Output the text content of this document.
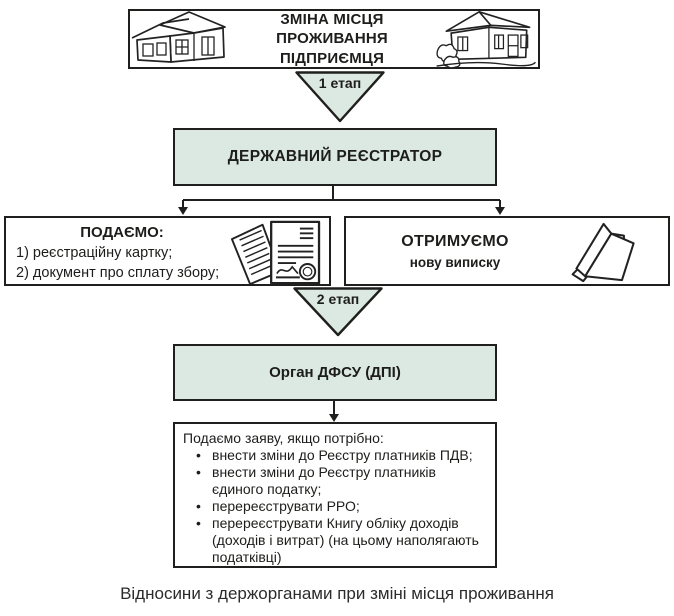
ЗМІНА МІСЦЯ ПРОЖИВАННЯ
ПІДПРИЄМЦЯ
1 етап
ДЕРЖАВНИЙ РЕЄСТРАТОР
ПОДАЄМО:
1) реєстраційну картку;
2) документ про сплату збору;
ОТРИМУЄМО
нову виписку
2 етап
Орган ДФСУ (ДПІ)
Подаємо заяву, якщо потрібно:
• внести зміни до Реєстру платників ПДВ;
• внести зміни до Реєстру платників єдиного податку;
• перереєструвати РРО;
• перереєструвати Книгу обліку доходів (доходів і витрат) (на цьому наполягають податківці)
Відносини з держорганами при зміні місця проживання
